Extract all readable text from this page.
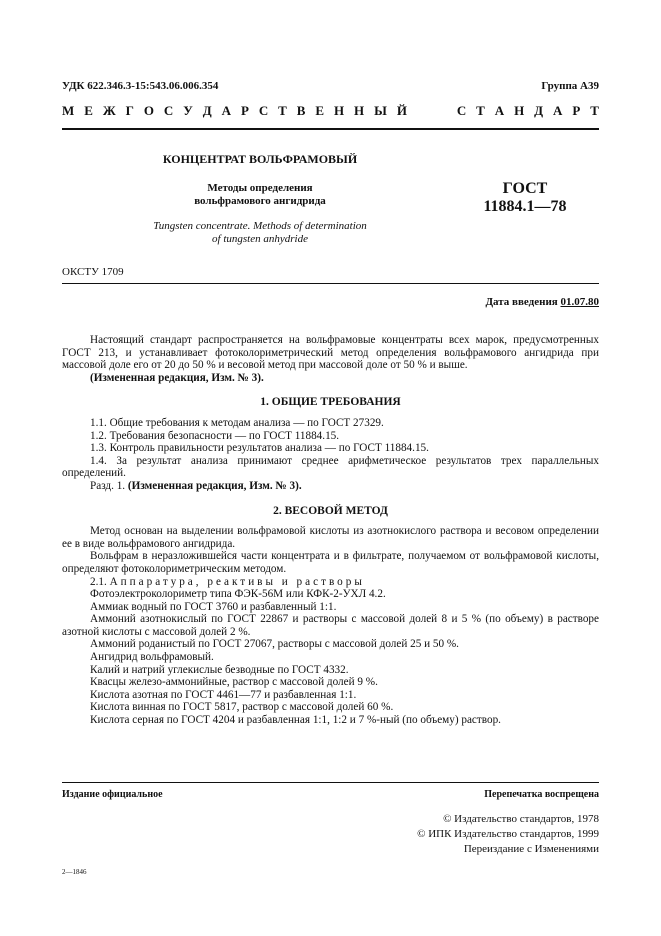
УДК 622.346.3-15:543.06.006.354	Группа А39
М Е Ж Г О С У Д А Р С Т В Е Н Н Ы Й	С Т А Н Д А Р Т
КОНЦЕНТРАТ ВОЛЬФРАМОВЫЙ
Методы определения
вольфрамового ангидрида
Tungsten concentrate. Methods of determination
of tungsten anhydride
ГОСТ
11884.1—78
ОКСТУ 1709
Дата введения 01.07.80

Настоящий стандарт распространяется на вольфрамовые концентраты всех марок, предусмотренных ГОСТ 213, и устанавливает фотоколориметрический метод определения вольфрамового ангидрида при массовой доле его от 20 до 50 % и весовой метод при массовой доле от 50 % и выше.

(Измененная редакция, Изм. № 3).

1. ОБЩИЕ ТРЕБОВАНИЯ

1.1. Общие требования к методам анализа — по ГОСТ 27329.

1.2. Требования безопасности — по ГОСТ 11884.15.

1.3. Контроль правильности результатов анализа — по ГОСТ 11884.15.

1.4. За результат анализа принимают среднее арифметическое результатов трех параллельных определений.

Разд. 1. (Измененная редакция, Изм. № 3).

2. ВЕСОВОЙ МЕТОД

Метод основан на выделении вольфрамовой кислоты из азотнокислого раствора и весовом определении ее в виде вольфрамового ангидрида.

Вольфрам в неразложившейся части концентрата и в фильтрате, получаемом от вольфрамовой кислоты, определяют фотоколориметрическим методом.

2.1. Аппаратура, реактивы и растворы

Фотоэлектроколориметр типа ФЭК-56М или КФК-2-УХЛ 4.2.

Аммиак водный по ГОСТ 3760 и разбавленный 1:1.

Аммоний азотнокислый по ГОСТ 22867 и растворы с массовой долей 8 и 5 % (по объему) в растворе азотной кислоты с массовой долей 2 %.

Аммоний роданистый по ГОСТ 27067, растворы с массовой долей 25 и 50 %.

Ангидрид вольфрамовый.

Калий и натрий углекислые безводные по ГОСТ 4332.

Квасцы железо-аммонийные, раствор с массовой долей 9 %.

Кислота азотная по ГОСТ 4461—77 и разбавленная 1:1.

Кислота винная по ГОСТ 5817, раствор с массовой долей 60 %.

Кислота серная по ГОСТ 4204 и разбавленная 1:1, 1:2 и 7 %-ный (по объему) раствор.

Издание официальное	Перепечатка воспрещена
© Издательство стандартов, 1978
© ИПК Издательство стандартов, 1999
Переиздание с Изменениями
2—1846
